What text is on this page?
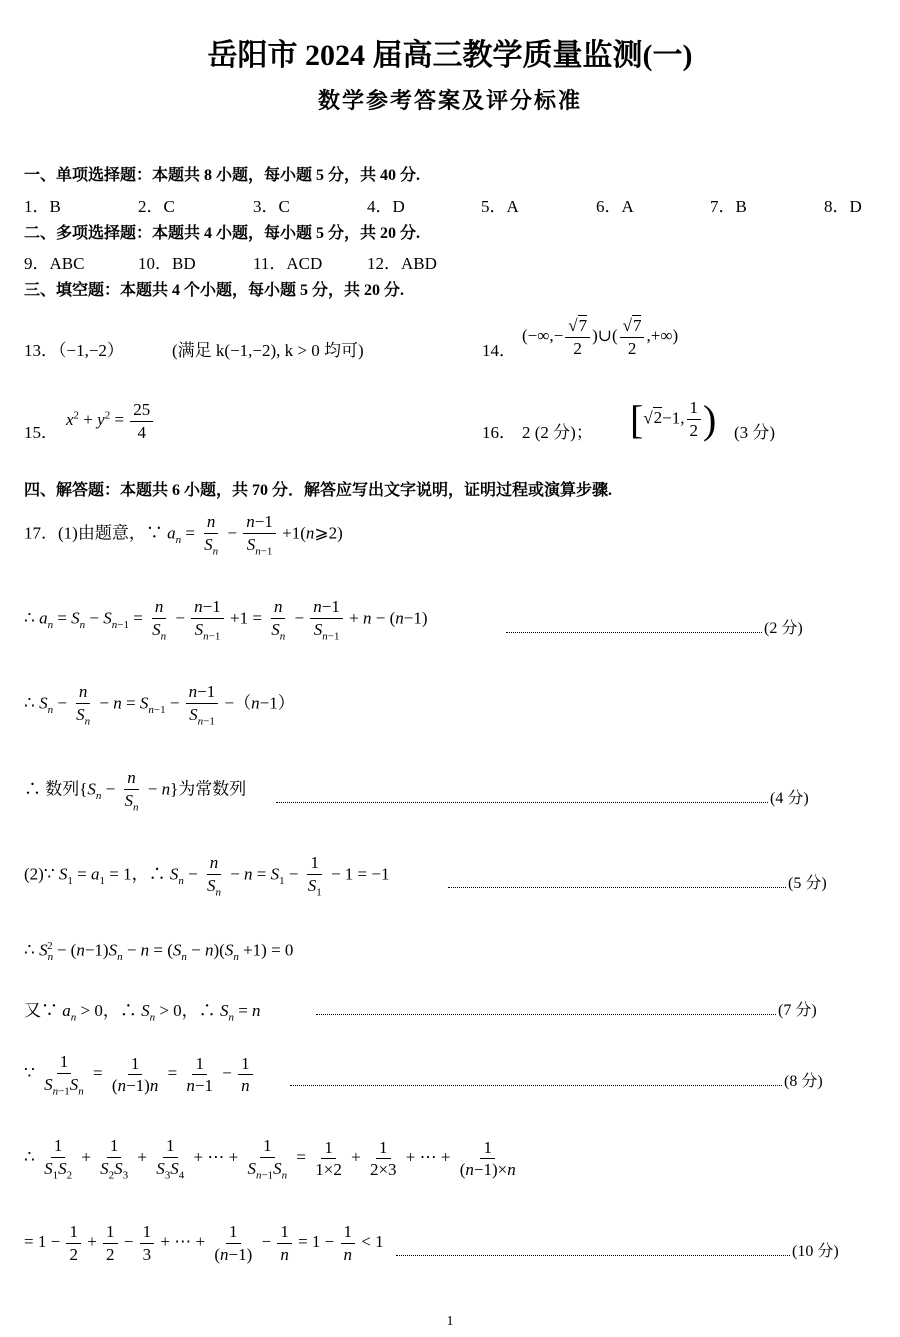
岳阳市 2024 届高三教学质量监测(一)
数学参考答案及评分标准
一、单项选择题：本题共 8 小题，每小题 5 分，共 40 分.
1．B	2．C	3．C	4．D	5．A	6．A	7．B	8．D
二、多项选择题：本题共 4 小题，每小题 5 分，共 20 分.
9．ABC	10．BD	11．ACD	12．ABD
三、填空题：本题共 4 个小题，每小题 5 分，共 20 分.
13．（−1,−2）	(满足 k(−1,−2), k > 0 均可)	14．
(−∞,− $\frac{√7}{2}$ )∪( $\frac{√7}{2}$ ,+∞)
15．
$x^2 + y^2 = \frac{25}{4}$	16． 2 (2 分)； [√2−1, $\frac{1}{2}$ ) (3 分)
四、解答题：本题共 6 小题，共 70 分．解答应写出文字说明，证明过程或演算步骤.
17．(1)由题意，∵ $a_n = \frac{n}{S_n} - \frac{n-1}{S_{n-1}}$ +1(n⩾2)
∴ $a_n = S_n - S_{n-1} = \frac{n}{S_n} - \frac{n-1}{S_{n-1}} +1 = \frac{n}{S_n} - \frac{n-1}{S_{n-1}} + n - (n-1)$
(2 分)
∴ $S_n - \frac{n}{S_n} - n = S_{n-1} - \frac{n-1}{S_{n-1}} -(n-1)$
∴ 数列$\{S_n - \frac{n}{S_n} - n\}$为常数列	(4 分)
(2)∵ $S_1 = a_1 = 1$，∴ $S_n - \frac{n}{S_n} - n = S_1 - \frac{1}{S_1} - 1 = -1$	(5 分)
∴ $S_n^2 - (n-1)S_n - n = (S_n - n)(S_n +1) = 0$
又∵ $a_n > 0$，∴ $S_n > 0$，∴ $S_n = n$	(7 分)
∵ $\frac{1}{S_{n-1}S_n} = \frac{1}{(n-1)n} = \frac{1}{n-1} - \frac{1}{n}$	(8 分)
∴ $\frac{1}{S_1S_2} + \frac{1}{S_2S_3} + \frac{1}{S_3S_4}$ + ⋯ + $\frac{1}{S_{n-1}S_n} = \frac{1}{1\times 2} + \frac{1}{2\times 3}$ + ⋯ + $\frac{1}{(n-1)\times n}$
= $1 - \frac{1}{2} + \frac{1}{2} - \frac{1}{3}$ + ⋯ + $\frac{1}{(n-1)} - \frac{1}{n} = 1 - \frac{1}{n} < 1$
(10 分)
1
